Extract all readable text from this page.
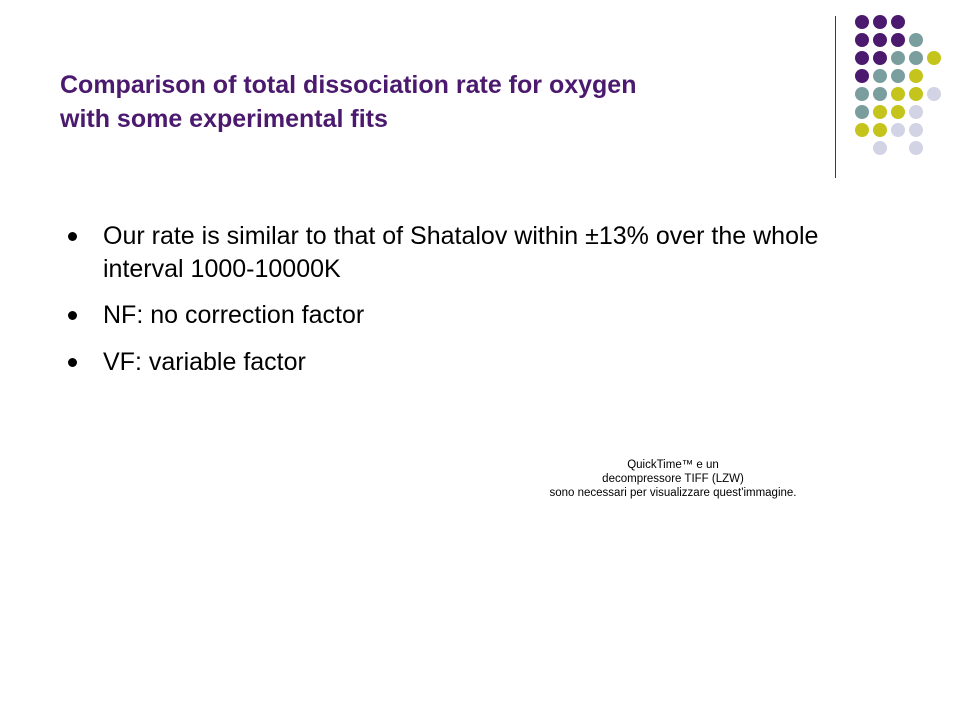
Comparison of total dissociation rate for oxygen
with some experimental fits
Our rate is similar to that of Shatalov within ±13% over the whole interval 1000-10000K
NF: no correction factor
VF: variable factor
QuickTime™ e un
decompressore TIFF (LZW)
sono necessari per visualizzare quest'immagine.
